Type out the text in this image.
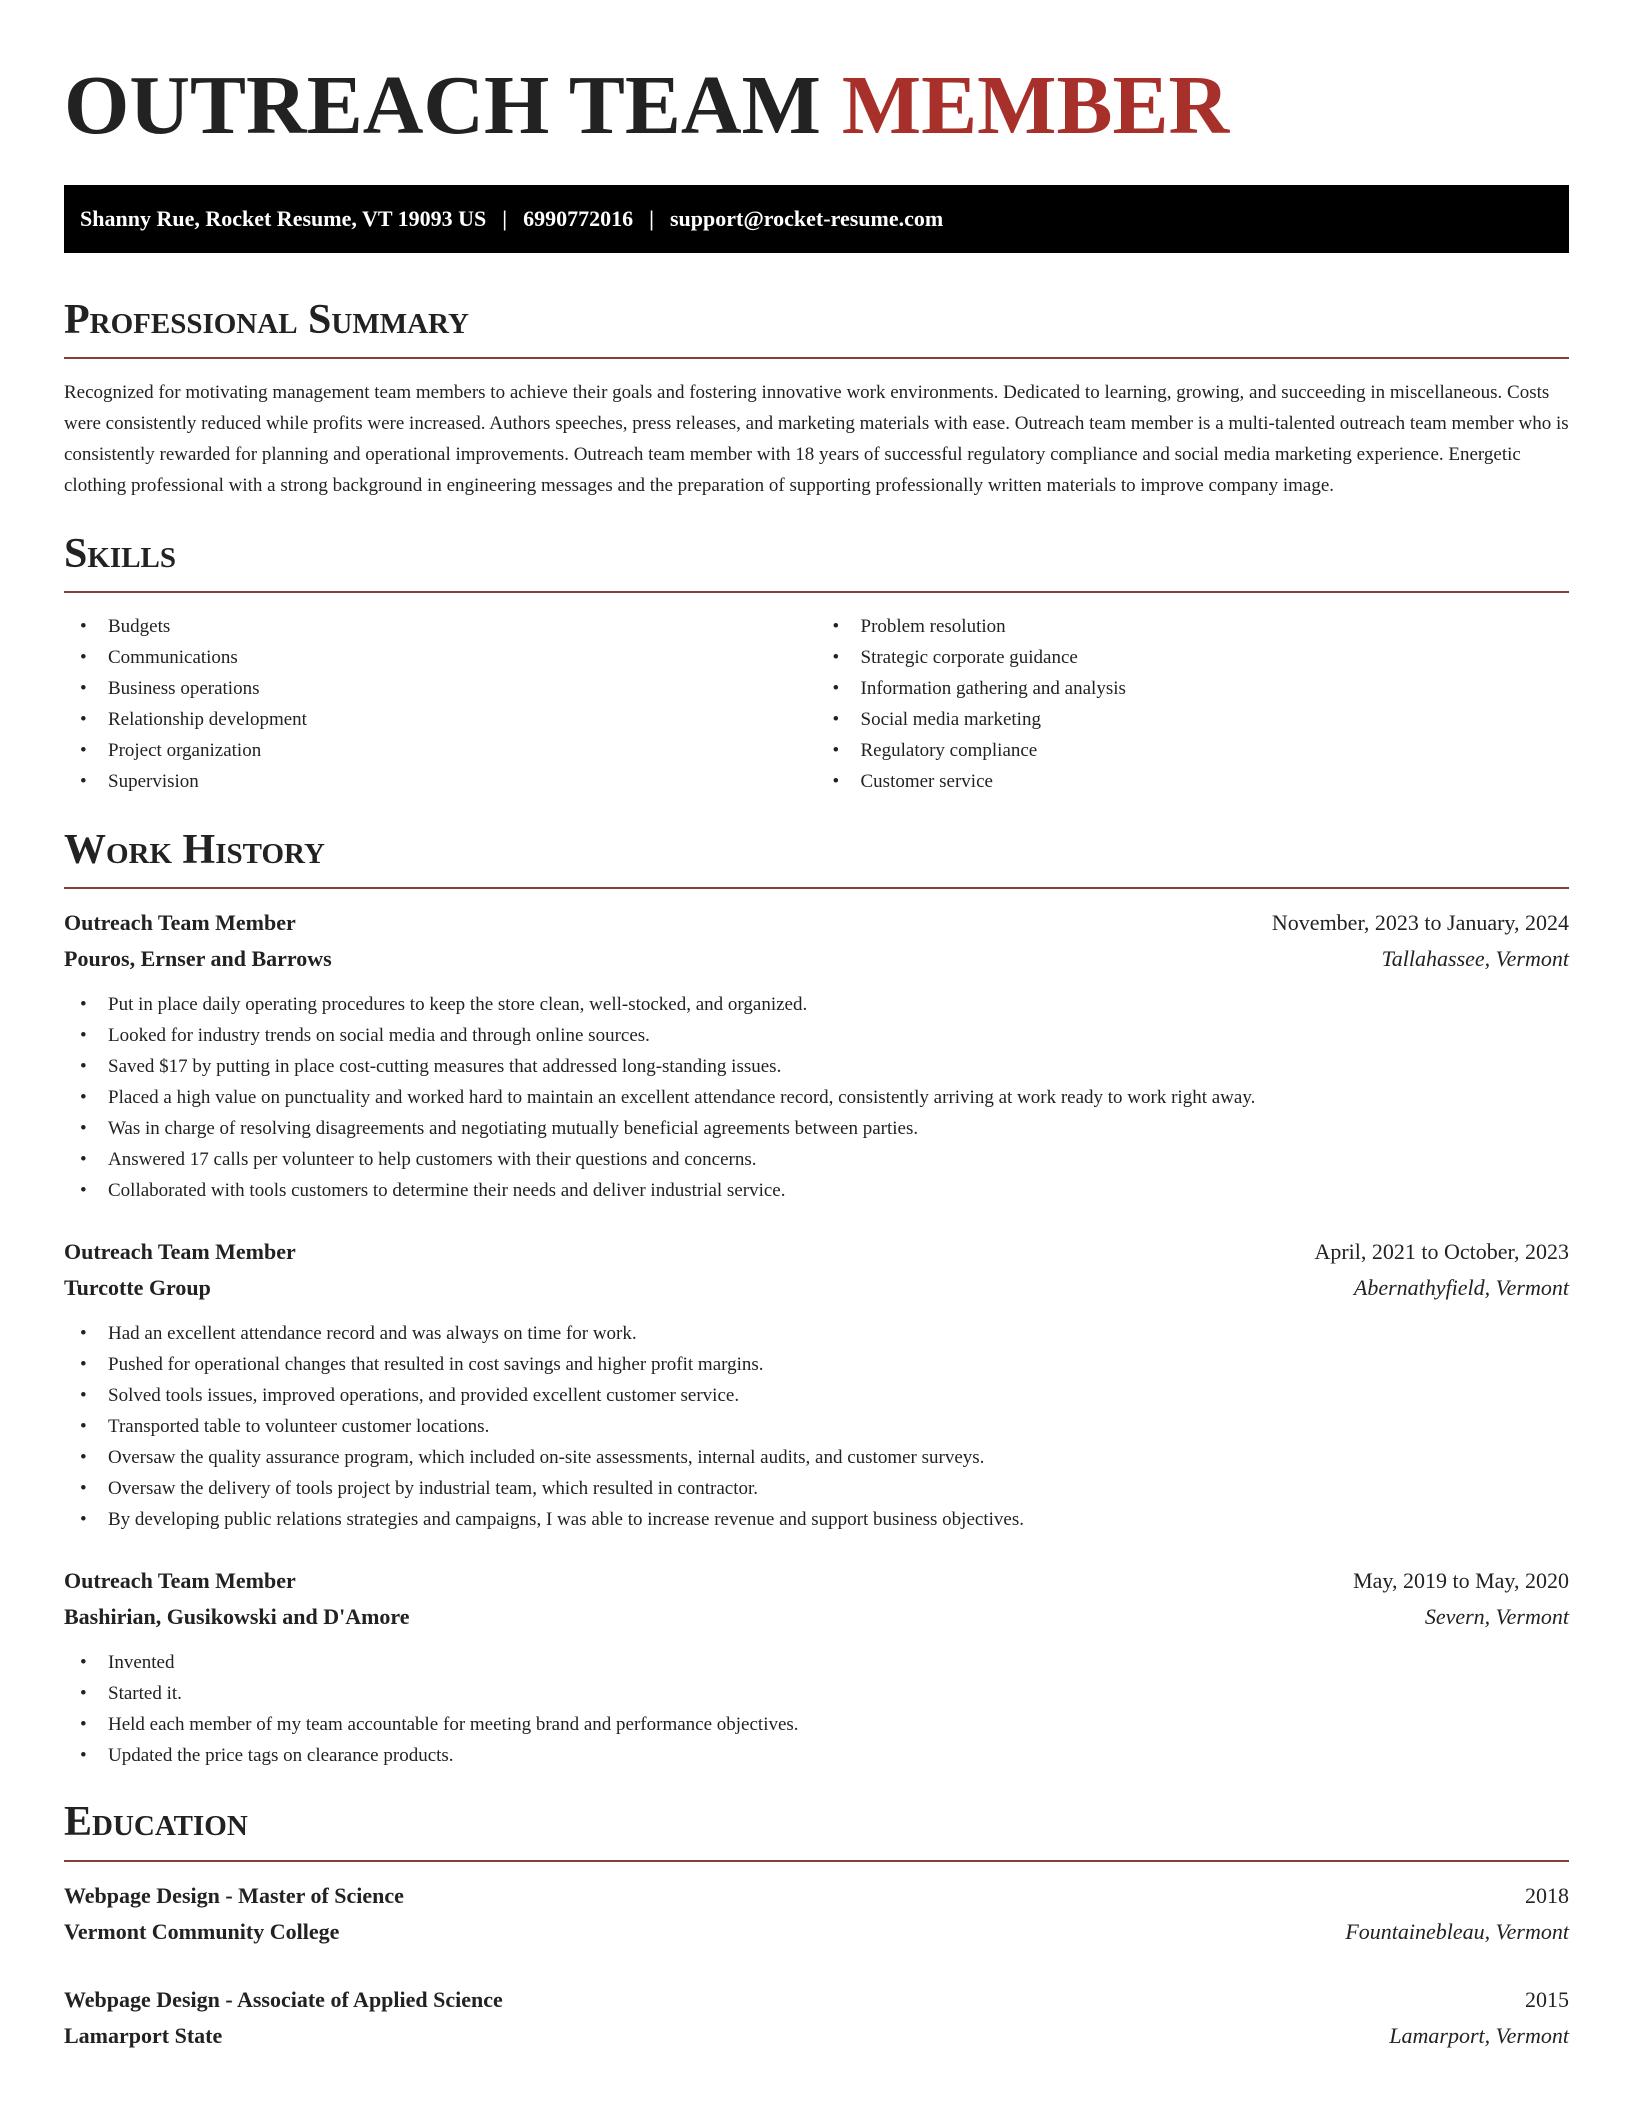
OUTREACH TEAM MEMBER
Shanny Rue, Rocket Resume, VT 19093 US | 6990772016 | support@rocket-resume.com
Professional Summary

Recognized for motivating management team members to achieve their goals and fostering innovative work environments. Dedicated to learning, growing, and succeeding in miscellaneous. Costs were consistently reduced while profits were increased. Authors speeches, press releases, and marketing materials with ease. Outreach team member is a multi-talented outreach team member who is consistently rewarded for planning and operational improvements. Outreach team member with 18 years of successful regulatory compliance and social media marketing experience. Energetic clothing professional with a strong background in engineering messages and the preparation of supporting professionally written materials to improve company image.

Skills
• Budgets
• Communications
• Business operations
• Relationship development
• Project organization
• Supervision
• Problem resolution
• Strategic corporate guidance
• Information gathering and analysis
• Social media marketing
• Regulatory compliance
• Customer service
Work History
Outreach Team Member	November, 2023 to January, 2024
Pouros, Ernser and Barrows	Tallahassee, Vermont
• Put in place daily operating procedures to keep the store clean, well-stocked, and organized.
• Looked for industry trends on social media and through online sources.
• Saved $17 by putting in place cost-cutting measures that addressed long-standing issues.
• Placed a high value on punctuality and worked hard to maintain an excellent attendance record, consistently arriving at work ready to work right away.
• Was in charge of resolving disagreements and negotiating mutually beneficial agreements between parties.
• Answered 17 calls per volunteer to help customers with their questions and concerns.
• Collaborated with tools customers to determine their needs and deliver industrial service.
Outreach Team Member	April, 2021 to October, 2023
Turcotte Group	Abernathyfield, Vermont
• Had an excellent attendance record and was always on time for work.
• Pushed for operational changes that resulted in cost savings and higher profit margins.
• Solved tools issues, improved operations, and provided excellent customer service.
• Transported table to volunteer customer locations.
• Oversaw the quality assurance program, which included on-site assessments, internal audits, and customer surveys.
• Oversaw the delivery of tools project by industrial team, which resulted in contractor.
• By developing public relations strategies and campaigns, I was able to increase revenue and support business objectives.
Outreach Team Member	May, 2019 to May, 2020
Bashirian, Gusikowski and D'Amore	Severn, Vermont
• Invented
• Started it.
• Held each member of my team accountable for meeting brand and performance objectives.
• Updated the price tags on clearance products.
Education
Webpage Design - Master of Science	2018
Vermont Community College	Fountainebleau, Vermont
Webpage Design - Associate of Applied Science	2015
Lamarport State	Lamarport, Vermont
